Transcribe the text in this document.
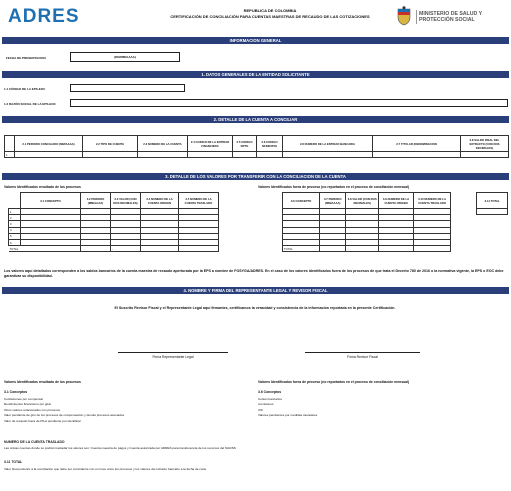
ADRES	REPUBLICA DE COLOMBIA
CERTIFICACIÓN DE CONCILIACIÓN PARA CUENTAS MAESTRAS DE RECAUDO DE LAS COTIZACIONES	MINISTERIO DE SALUD Y
PROTECCIÓN SOCIAL
INFORMACION GENERAL
FECHA DE PRESENTACION	(DD/MM/AAAA)
1. DATOS GENERALES DE LA ENTIDAD SOLICITANTE
1.1 CÓDIGO DE LA EPS-EOC
1.2 RAZÓN SOCIAL DE LA EPS-EOC
2. DETALLE DE LA CUENTA A CONCILIAR
	2.1 PERIODO CONCILIADO (MM/AAAA)	2.2 TIPO DE CUENTA	2.3 NUMERO DE LA CUENTA	2.4 CODIGO DE LA ENTIDAD FINANCIERA	2.5 CODIGO DPTO	2.6 CODIGO MUNICIPIO	2.8 NUMERO DE LA ENTIDAD BANCARIA	2.7 TITULAR (DENOMINACION	2.8 SALDO FINAL DEL EXTRACTO (CON DOS DECIMALES)
1									
3. DETALLE DE LOS VALORES POR TRANSFERIR CON LA CONCILIACION DE LA CUENTA
Valores Identificados resultado de los procesos	Valores Identificados fuera de proceso (no reportados en el proceso de conciliación mensual)
	3.1 CONCEPTO	3.2 PERIODO (MM/AAAA)	3.3 VALOR (CON DOS DECIMALES)	3.4 NUMERO DE LA CUENTA ORIGEN	3.5 NUMERO DE LA CUENTA TRASLADO	
1						
2						
3						
4						
5						
6						
TOTAL			-			
3.6 CONCEPTO	3.7 PERIODO (MM/AAAA)	3.8 VALOR (CON DOS DECIMALES)	3.9 NUMERO DE LA CUENTA ORIGEN	3.10 NUMERO DE LA CUENTA TRASLADO		3.11 TOTAL

TOTAL		-				
Los valores aquí detallados corresponden a los saldos bancarios de la cuenta maestra de recaudo aperturada por la EPS a nombre de FOSYGA/ADRES. En el caso de los valores identificados fuera de los procesos de que trata el Decreto 780 de 2016 o la normativa vigente, la EPS o EOC debe garantizar su disponibilidad.
4. NOMBRE Y FIRMA DEL REPRESENTANTE LEGAL Y REVISOR FISCAL
El Suscrito Revisor Fiscal y el Representante Legal aquí firmantes, certificamos la veracidad y consistencia de la información reportada en la presente Certificación.
Firma Representante Legal	Firma Revisor Fiscal
Valores Identificados resultado de los procesos
3.1 Conceptos
Cotizaciones por compensar
Rendimientos financieros por girar
Otros valores relacionados con procesos
Valor pendiente de giro de los procesos de compensación y demás procesos asociados
Valor de recaudo fuera de PILA pendiente por identificar
Valores Identificados fuera de proceso (no reportados en el proceso de conciliación mensual)
3.6 Conceptos
Costos bancarios
comisiones
IVA
Valores pendientes por medidas cautelares
NUMERO DE LA CUENTA TRASLADO
Las únicas cuentas donde se podrán trasladar los valores son: Cuenta maestra de pagos y Cuenta autorizada por ADRES para transferencia de los recursos del SGDSS
3.11 TOTAL
Valor final posterior a la conciliación que debe ser coincidente con el cruce entre los procesos y los valores del extracto bancario a la fecha de corte
